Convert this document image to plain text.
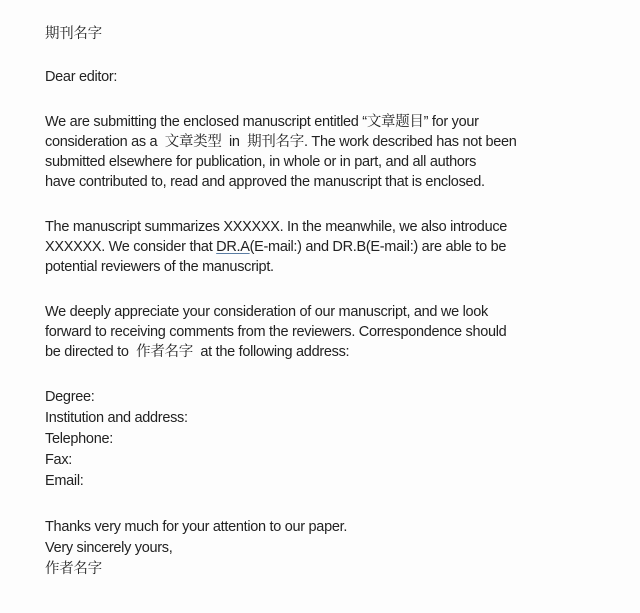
期刊名字
Dear editor:
We are submitting the enclosed manuscript entitled “文章题目” for your
consideration as a  文章类型  in  期刊名字. The work described has not been
submitted elsewhere for publication, in whole or in part, and all authors
have contributed to, read and approved the manuscript that is enclosed.
The manuscript summarizes XXXXXX. In the meanwhile, we also introduce
XXXXXX. We consider that DR.A(E-mail:) and DR.B(E-mail:) are able to be
potential reviewers of the manuscript.
We deeply appreciate your consideration of our manuscript, and we look
forward to receiving comments from the reviewers. Correspondence should
be directed to  作者名字  at the following address:
Degree:
Institution and address:
Telephone:
Fax:
Email:
Thanks very much for your attention to our paper.
Very sincerely yours,
作者名字
